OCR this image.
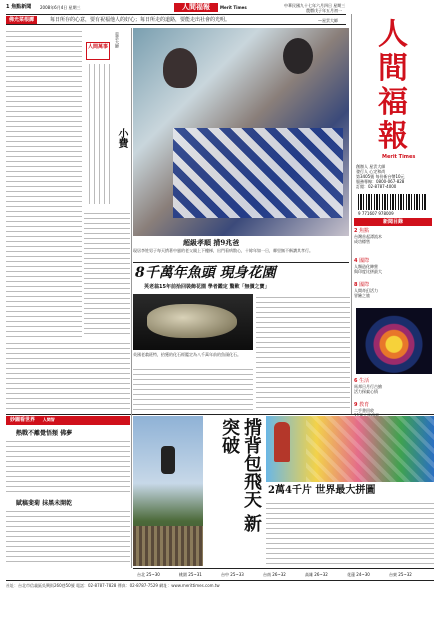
1 焦點新聞 2008年6月4日 星期三	人間福報	Merit Times	中華民國九十七年六月四日 星期三
農曆戊子年五月初一
佛光菜根譚	每日所存的心意，要有祝福他人的好心；每日所走的道路，要能走出社會的光明。	—星雲大師	人
間
福
報
Merit Times
創辦人 星雲大師
發行人 心定和尚
第3405號 每份新台幣10元
服務專線：0800-067-828
訂閱：02-8787-4000
9 771607 978009
新聞目錄
2 焦點
台灣首起漂流木
成功標售
4 國際
人類造化陣營
與印度比拼最大
8 國際
人間奇幻活力
冒險之旅
6 生活
馬邦日月行古繪
活力探索心情
9 教育
二手書回收
人間萬事	星雲大師
小費
超級孝順 揹9兆爸
現居李姓男子每天揹著中風的老父親上下樓梯，出門看病散心，十餘年如一日，鄰里無不稱讚其孝行。
8千萬年魚頭 現身花園
英老翁15年前拾回裝飾花園 學者鑑定 驚歎「無價之寶」
英國老翁班特，拾獲的化石經鑑定為八千萬年前的魚頭化石。
妙圓看世界 人間智
熱戰不離覺悟頻 佛夢
賦稿斐菊 抹黑未開乾	揹背包飛天 新突破
2萬4千片 世界最大拼圖
台北 25~30	桃園 25~31	台中 25~33	台南 26~32	高雄 26~32	花蓮 24~30	台東 25~32
社址：台北市信義區吳興街260巷50號 電話：02-8787-7828 傳真：02-8787-7529 網址：www.merittimes.com.tw
